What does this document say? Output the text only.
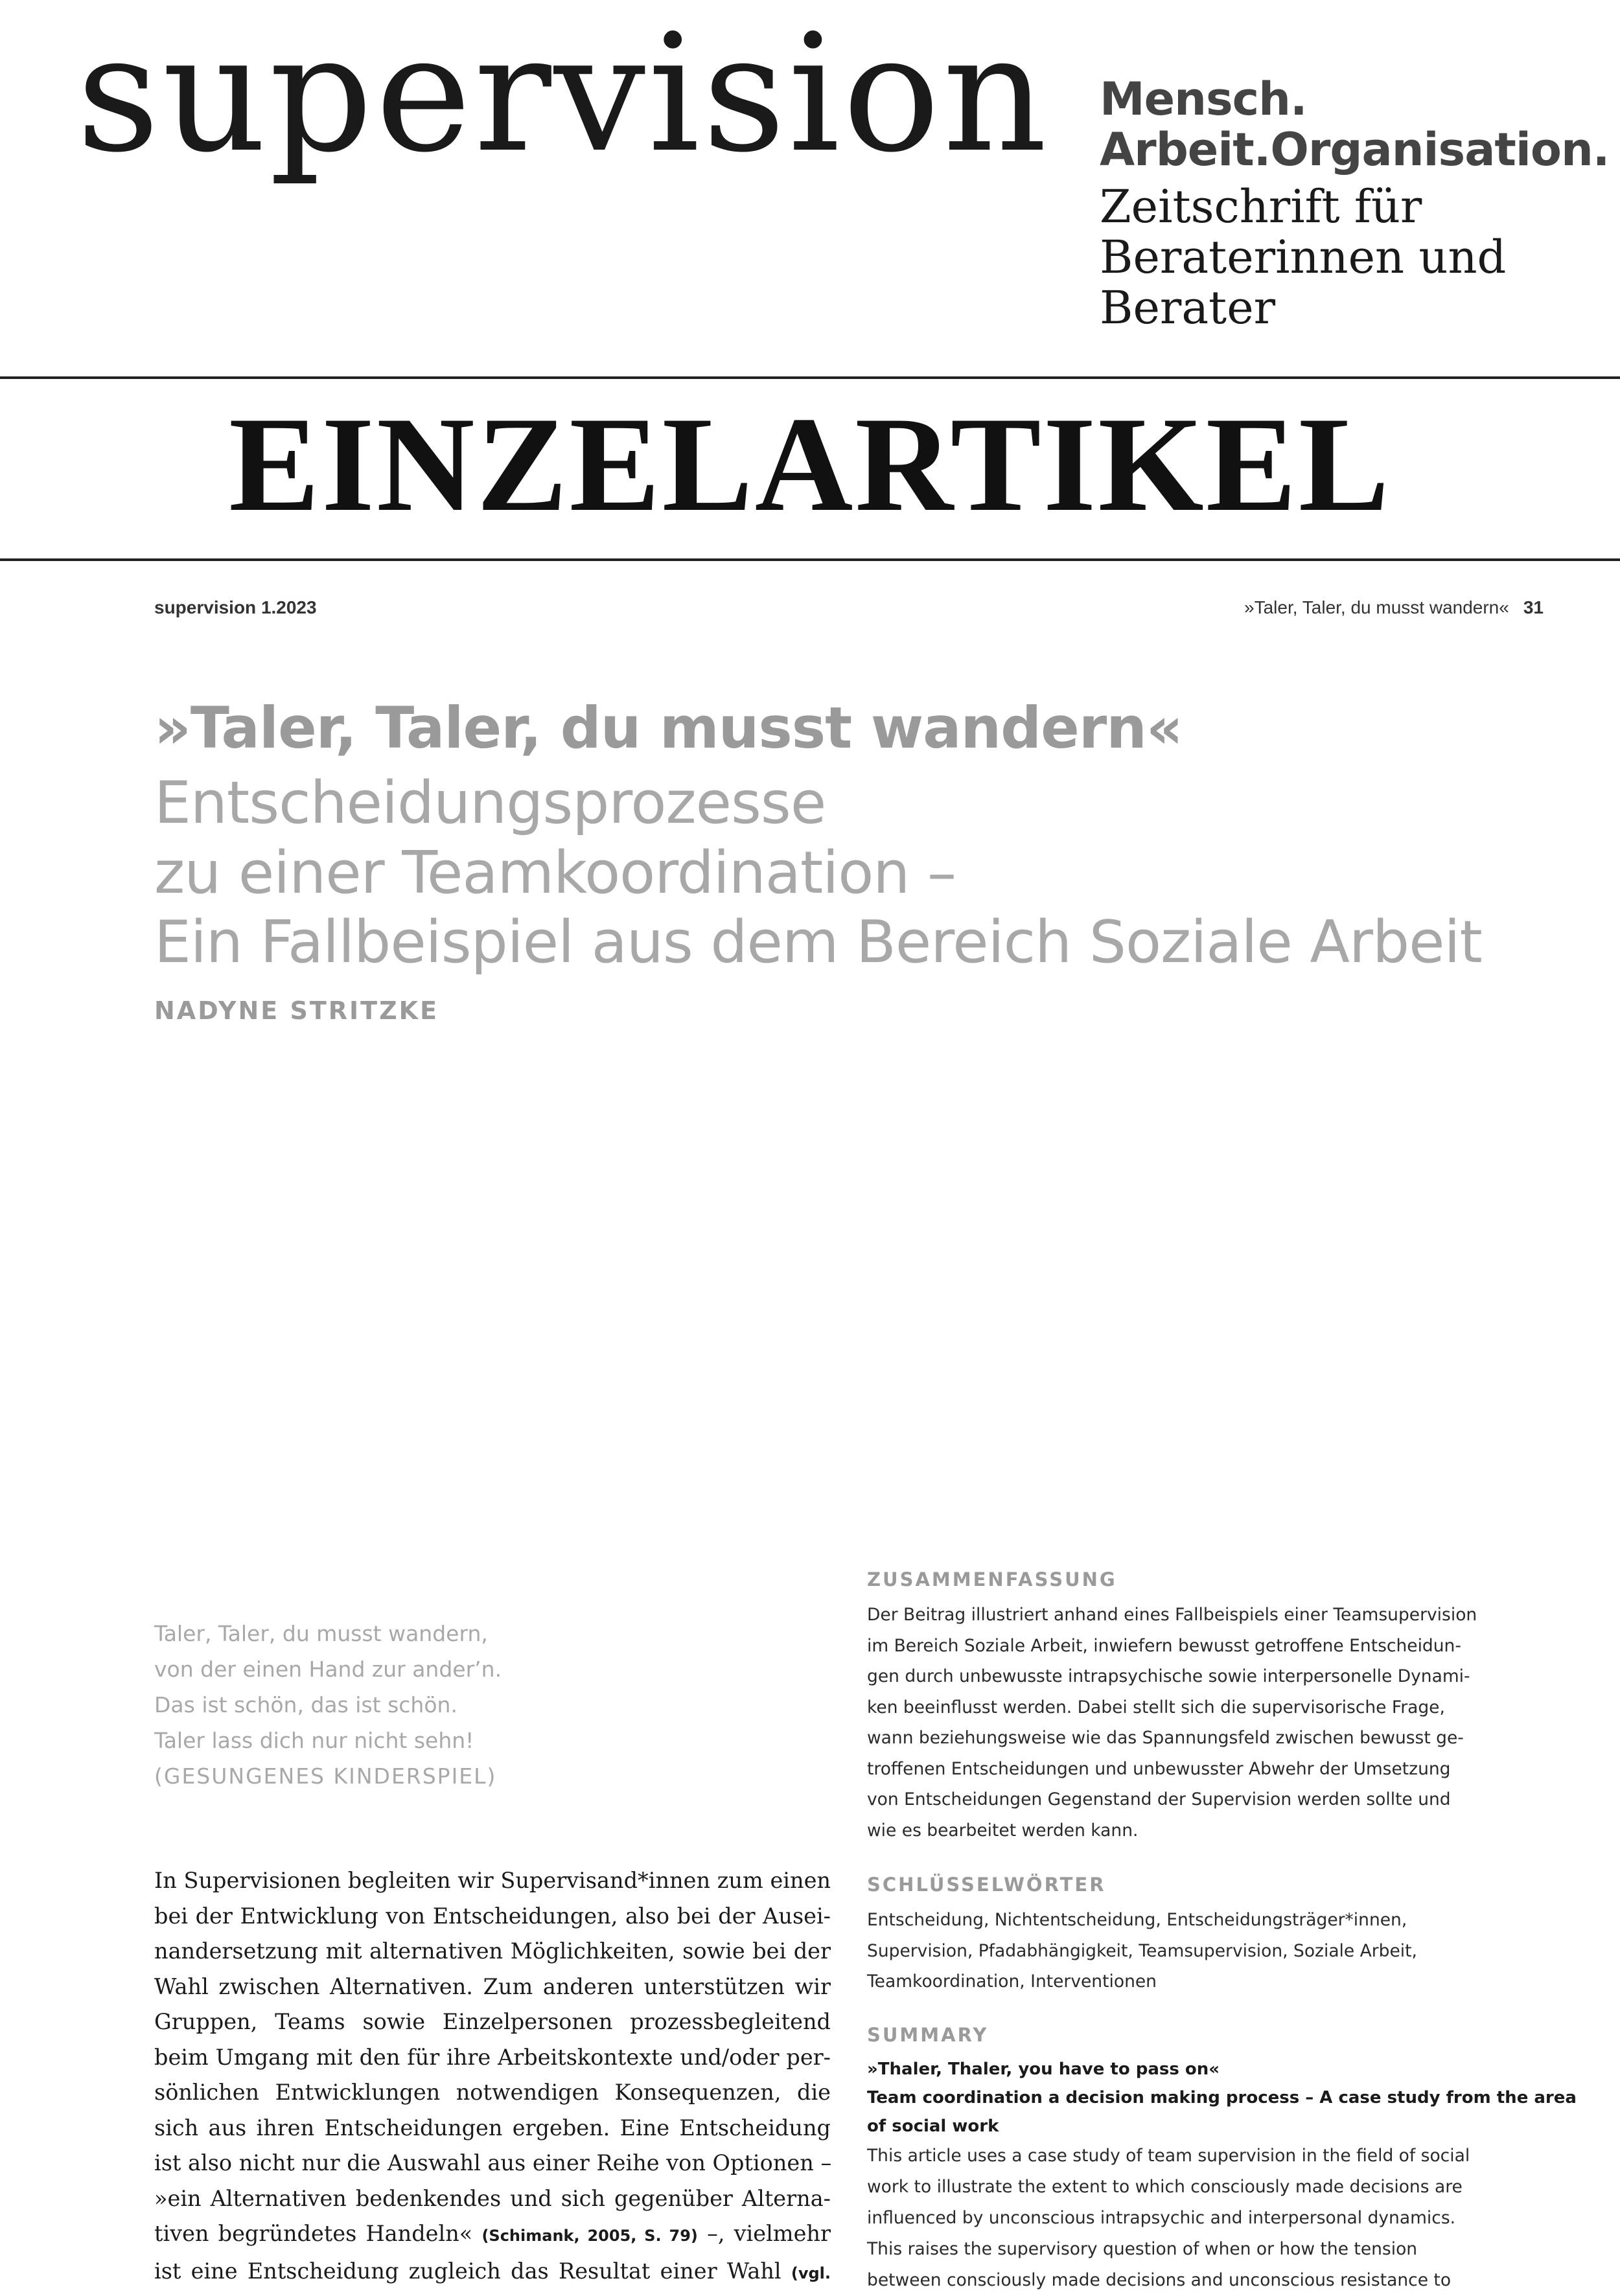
supervision Mensch.
Arbeit.Organisation.
Zeitschrift für
Beraterinnen und
Berater
EINZELARTIKEL
supervision 1.2023	»Taler, Taler, du musst wandern« 31
»Taler, Taler, du musst wandern«
Entscheidungsprozesse
zu einer Teamkoordination –
Ein Fallbeispiel aus dem Bereich Soziale Arbeit
NADYNE STRITZKE
Taler, Taler, du musst wandern,
von der einen Hand zur ander’n.
Das ist schön, das ist schön.
Taler lass dich nur nicht sehn!
(GESUNGENES KINDERSPIEL)
In Supervisionen begleiten wir Supervisand*innen zum einen
bei der Entwicklung von Entscheidungen, also bei der Ausei-
nandersetzung mit alternativen Möglichkeiten, sowie bei der
Wahl zwischen Alternativen. Zum anderen unterstützen wir
Gruppen, Teams sowie Einzelpersonen prozessbegleitend
beim Umgang mit den für ihre Arbeitskontexte und/oder per-
sönlichen Entwicklungen notwendigen Konsequenzen, die
sich aus ihren Entscheidungen ergeben. Eine Entscheidung
ist also nicht nur die Auswahl aus einer Reihe von Optionen –
»ein Alternativen bedenkendes und sich gegenüber Alterna-
tiven begründetes Handeln« (Schimank, 2005, S. 79) –, vielmehr
ist eine Entscheidung zugleich das Resultat einer Wahl (vgl.
ZUSAMMENFASSUNG
Der Beitrag illustriert anhand eines Fallbeispiels einer Teamsupervision
im Bereich Soziale Arbeit, inwiefern bewusst getroffene Entscheidun-
gen durch unbewusste intrapsychische sowie interpersonelle Dynami-
ken beeinflusst werden. Dabei stellt sich die supervisorische Frage,
wann beziehungsweise wie das Spannungsfeld zwischen bewusst ge-
troffenen Entscheidungen und unbewusster Abwehr der Umsetzung
von Entscheidungen Gegenstand der Supervision werden sollte und
wie es bearbeitet werden kann.
SCHLÜSSELWÖRTER
Entscheidung, Nichtentscheidung, Entscheidungsträger*innen,
Supervision, Pfadabhängigkeit, Teamsupervision, Soziale Arbeit,
Teamkoordination, Interventionen
SUMMARY
»Thaler, Thaler, you have to pass on«
Team coordination a decision making process – A case study from the area
of social work
This article uses a case study of team supervision in the field of social
work to illustrate the extent to which consciously made decisions are
influenced by unconscious intrapsychic and interpersonal dynamics.
This raises the supervisory question of when or how the tension
between consciously made decisions and unconscious resistance to
